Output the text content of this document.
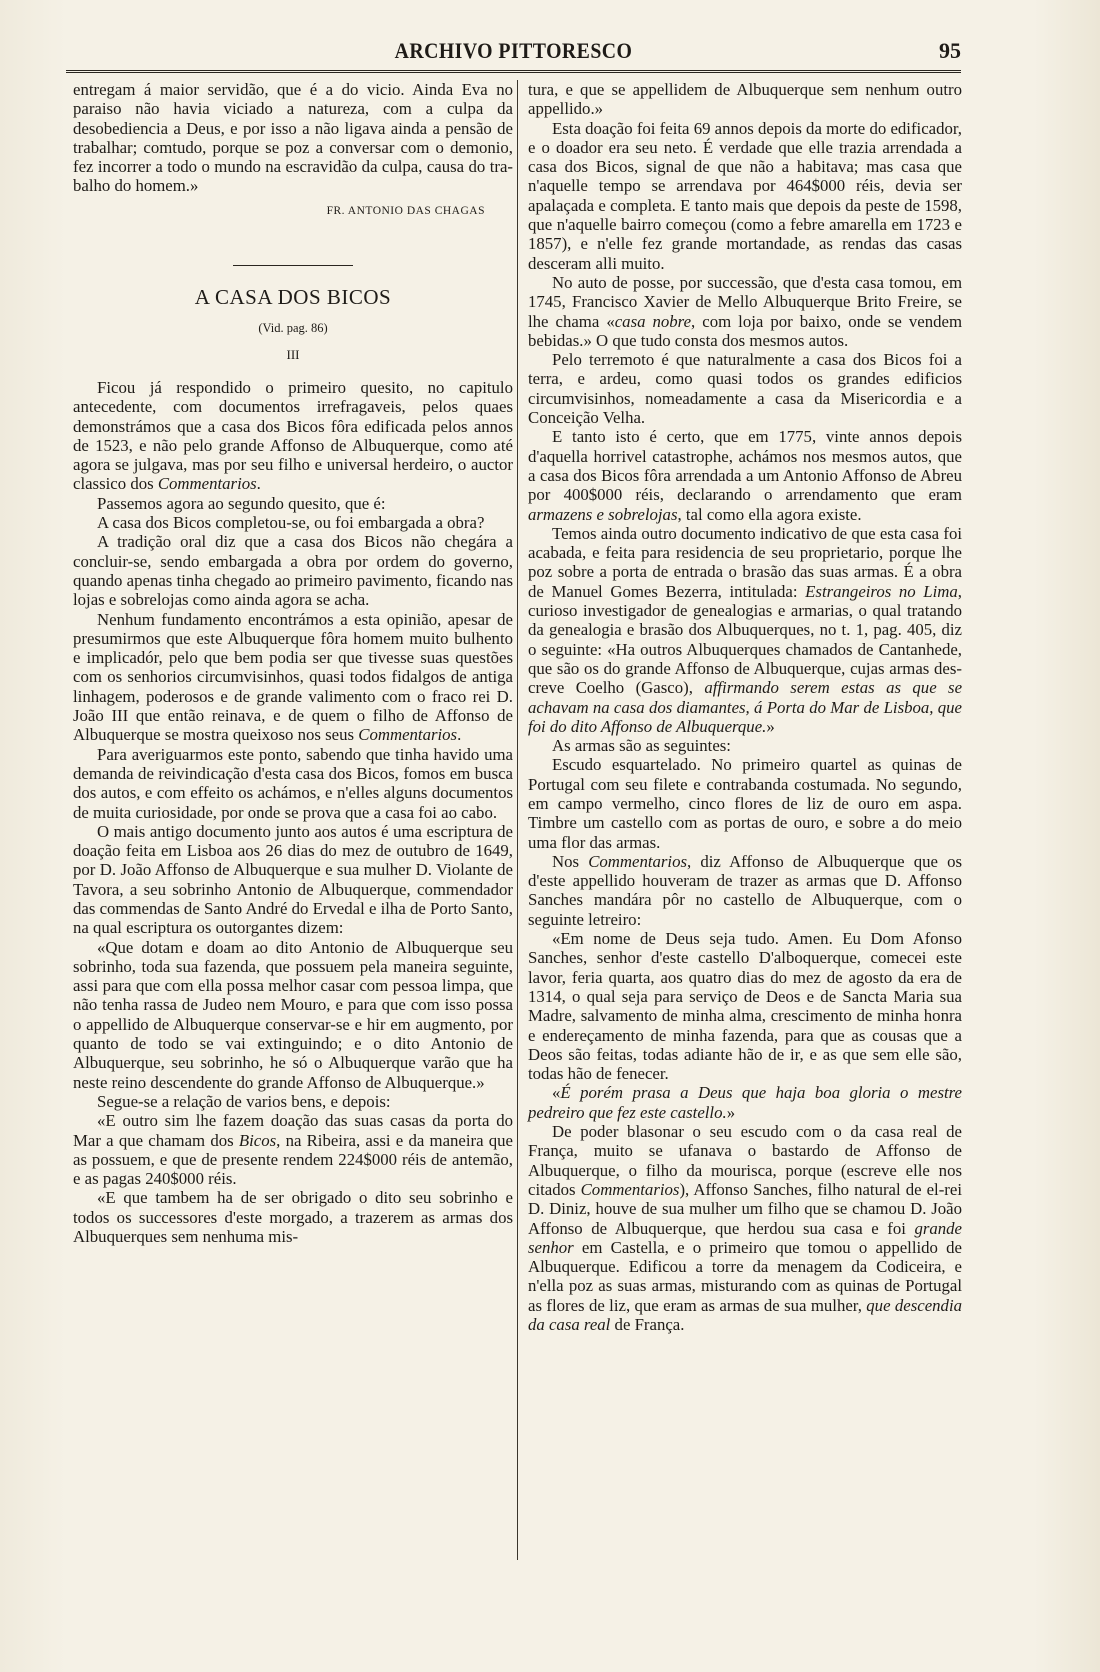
ARCHIVO PITTORESCO	95

entregam á maior servidão, que é a do vicio. Ainda Eva no paraiso não havia viciado a natureza, com a culpa da desobediencia a Deus, e por isso a não ligava ainda a pensão de trabalhar; comtudo, porque se poz a conversar com o demonio, fez incorrer a todo o mundo na escravidão da culpa, causa do trabalho do homem.»

FR. ANTONIO DAS CHAGAS
A CASA DOS BICOS
(Vid. pag. 86)
III

Ficou já respondido o primeiro quesito, no capitulo antecedente, com documentos irrefragaveis, pelos quaes demonstrámos que a casa dos Bicos fôra edificada pelos annos de 1523, e não pelo grande Affonso de Albuquerque, como até agora se julgava, mas por seu filho e universal herdeiro, o auctor classico dos Commentarios.

Passemos agora ao segundo quesito, que é:

A casa dos Bicos completou-se, ou foi embargada a obra?

A tradição oral diz que a casa dos Bicos não chegára a concluir-se, sendo embargada a obra por ordem do governo, quando apenas tinha chegado ao primeiro pavimento, ficando nas lojas e sobrelojas como ainda agora se acha.

Nenhum fundamento encontrámos a esta opinião, apesar de presumirmos que este Albuquerque fôra homem muito bulhento e implicadór, pelo que bem podia ser que tivesse suas questões com os senhorios circumvisinhos, quasi todos fidalgos de antiga linhagem, poderosos e de grande valimento com o fraco rei D. João III que então reinava, e de quem o filho de Affonso de Albuquerque se mostra queixoso nos seus Commentarios.

Para averiguarmos este ponto, sabendo que tinha havido uma demanda de reivindicação d'esta casa dos Bicos, fomos em busca dos autos, e com effeito os achámos, e n'elles alguns documentos de muita curiosidade, por onde se prova que a casa foi ao cabo.

O mais antigo documento junto aos autos é uma escriptura de doação feita em Lisboa aos 26 dias do mez de outubro de 1649, por D. João Affonso de Albuquerque e sua mulher D. Violante de Tavora, a seu sobrinho Antonio de Albuquerque, commendador das commendas de Santo André do Ervedal e ilha de Porto Santo, na qual escriptura os outorgantes dizem:

«Que dotam e doam ao dito Antonio de Albuquerque seu sobrinho, toda sua fazenda, que possuem pela maneira seguinte, assi para que com ella possa melhor casar com pessoa limpa, que não tenha rassa de Judeo nem Mouro, e para que com isso possa o appellido de Albuquerque conservar-se e hir em augmento, por quanto de todo se vai extinguindo; e o dito Antonio de Albuquerque, seu sobrinho, he só o Albuquerque varão que ha neste reino descendente do grande Affonso de Albuquerque.»

Segue-se a relação de varios bens, e depois:

«E outro sim lhe fazem doação das suas casas da porta do Mar a que chamam dos Bicos, na Ribeira, assi e da maneira que as possuem, e que de presente rendem 224$000 réis de antemão, e as pagas 240$000 réis.

«E que tambem ha de ser obrigado o dito seu sobrinho e todos os successores d'este morgado, a trazerem as armas dos Albuquerques sem nenhuma mis-

tura, e que se appellidem de Albuquerque sem nenhum outro appellido.»

Esta doação foi feita 69 annos depois da morte do edificador, e o doador era seu neto. É verdade que elle trazia arrendada a casa dos Bicos, signal de que não a habitava; mas casa que n'aquelle tempo se arrendava por 464$000 réis, devia ser apalaçada e completa. E tanto mais que depois da peste de 1598, que n'aquelle bairro começou (como a febre amarella em 1723 e 1857), e n'elle fez grande mortandade, as rendas das casas desceram alli muito.

No auto de posse, por successão, que d'esta casa tomou, em 1745, Francisco Xavier de Mello Albuquerque Brito Freire, se lhe chama «casa nobre, com loja por baixo, onde se vendem bebidas.» O que tudo consta dos mesmos autos.

Pelo terremoto é que naturalmente a casa dos Bicos foi a terra, e ardeu, como quasi todos os grandes edificios circumvisinhos, nomeadamente a casa da Misericordia e a Conceição Velha.

E tanto isto é certo, que em 1775, vinte annos depois d'aquella horrivel catastrophe, achámos nos mesmos autos, que a casa dos Bicos fôra arrendada a um Antonio Affonso de Abreu por 400$000 réis, declarando o arrendamento que eram armazens e sobrelojas, tal como ella agora existe.

Temos ainda outro documento indicativo de que esta casa foi acabada, e feita para residencia de seu proprietario, porque lhe poz sobre a porta de entrada o brasão das suas armas. É a obra de Manuel Gomes Bezerra, intitulada: Estrangeiros no Lima, curioso investigador de genealogias e armarias, o qual tratando da genealogia e brasão dos Albuquerques, no t. 1, pag. 405, diz o seguinte: «Ha outros Albuquerques chamados de Cantanhede, que são os do grande Affonso de Albuquerque, cujas armas descreve Coelho (Gasco), affirmando serem estas as que se achavam na casa dos diamantes, á Porta do Mar de Lisboa, que foi do dito Affonso de Albuquerque.»

As armas são as seguintes:

Escudo esquartelado. No primeiro quartel as quinas de Portugal com seu filete e contrabanda costumada. No segundo, em campo vermelho, cinco flores de liz de ouro em aspa. Timbre um castello com as portas de ouro, e sobre a do meio uma flor das armas.

Nos Commentarios, diz Affonso de Albuquerque que os d'este appellido houveram de trazer as armas que D. Affonso Sanches mandára pôr no castello de Albuquerque, com o seguinte letreiro:

«Em nome de Deus seja tudo. Amen. Eu Dom Afonso Sanches, senhor d'este castello D'alboquerque, comecei este lavor, feria quarta, aos quatro dias do mez de agosto da era de 1314, o qual seja para serviço de Deos e de Sancta Maria sua Madre, salvamento de minha alma, crescimento de minha honra e endereçamento de minha fazenda, para que as cousas que a Deos são feitas, todas adiante hão de ir, e as que sem elle são, todas hão de fenecer.

«É porém prasa a Deus que haja boa gloria o mestre pedreiro que fez este castello.»

De poder blasonar o seu escudo com o da casa real de França, muito se ufanava o bastardo de Affonso de Albuquerque, o filho da mourisca, porque (escreve elle nos citados Commentarios), Affonso Sanches, filho natural de el-rei D. Diniz, houve de sua mulher um filho que se chamou D. João Affonso de Albuquerque, que herdou sua casa e foi grande senhor em Castella, e o primeiro que tomou o appellido de Albuquerque. Edificou a torre da menagem da Codiceira, e n'ella poz as suas armas, misturando com as quinas de Portugal as flores de liz, que eram as armas de sua mulher, que descendia da casa real de França.
